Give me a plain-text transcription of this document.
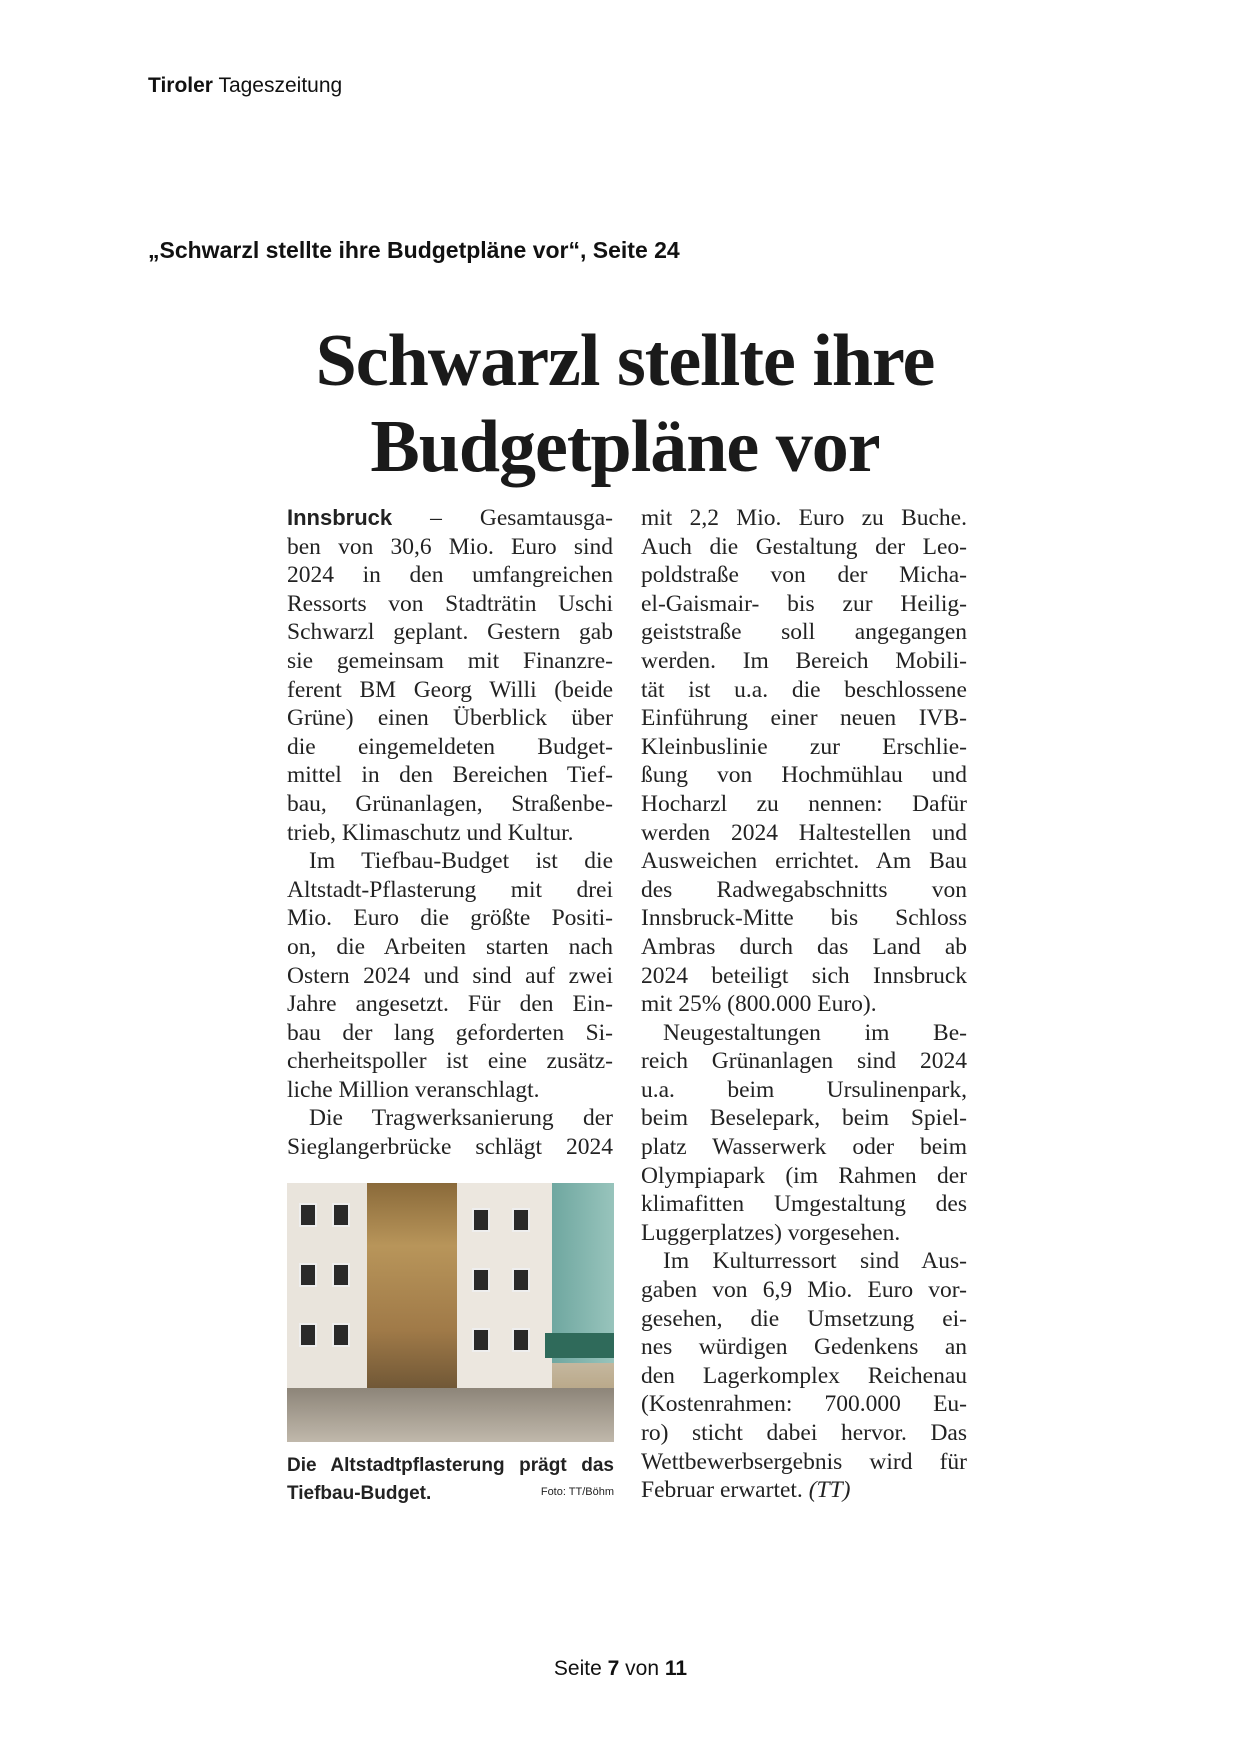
Tiroler Tageszeitung
„Schwarzl stellte ihre Budgetpläne vor“, Seite 24
Schwarzl stellte ihre
Budgetpläne vor
Innsbruck – Gesamtausga-
ben von 30,6 Mio. Euro sind
2024 in den umfangreichen
Ressorts von Stadträtin Uschi
Schwarzl geplant. Gestern gab
sie gemeinsam mit Finanzre-
ferent BM Georg Willi (beide
Grüne) einen Überblick über
die eingemeldeten Budget-
mittel in den Bereichen Tief-
bau, Grünanlagen, Straßenbe-
trieb, Klimaschutz und Kultur.
Im Tiefbau-Budget ist die
Altstadt-Pflasterung mit drei
Mio. Euro die größte Positi-
on, die Arbeiten starten nach
Ostern 2024 und sind auf zwei
Jahre angesetzt. Für den Ein-
bau der lang geforderten Si-
cherheitspoller ist eine zusätz-
liche Million veranschlagt.
Die Tragwerksanierung der
Sieglangerbrücke schlägt 2024
mit 2,2 Mio. Euro zu Buche.
Auch die Gestaltung der Leo-
poldstraße von der Micha-
el-Gaismair- bis zur Heilig-
geiststraße soll angegangen
werden. Im Bereich Mobili-
tät ist u.a. die beschlossene
Einführung einer neuen IVB-
Kleinbuslinie zur Erschlie-
ßung von Hochmühlau und
Hocharzl zu nennen: Dafür
werden 2024 Haltestellen und
Ausweichen errichtet. Am Bau
des Radwegabschnitts von
Innsbruck-Mitte bis Schloss
Ambras durch das Land ab
2024 beteiligt sich Innsbruck
mit 25% (800.000 Euro).
Neugestaltungen im Be-
reich Grünanlagen sind 2024
u.a. beim Ursulinenpark,
beim Beselepark, beim Spiel-
platz Wasserwerk oder beim
Olympiapark (im Rahmen der
klimafitten Umgestaltung des
Luggerplatzes) vorgesehen.
Im Kulturressort sind Aus-
gaben von 6,9 Mio. Euro vor-
gesehen, die Umsetzung ei-
nes würdigen Gedenkens an
den Lagerkomplex Reichenau
(Kostenrahmen: 700.000 Eu-
ro) sticht dabei hervor. Das
Wettbewerbsergebnis wird für
Februar erwartet. (TT)
Die Altstadtpflasterung prägt das
Tiefbau-Budget.	Foto: TT/Böhm
Seite 7 von 11
